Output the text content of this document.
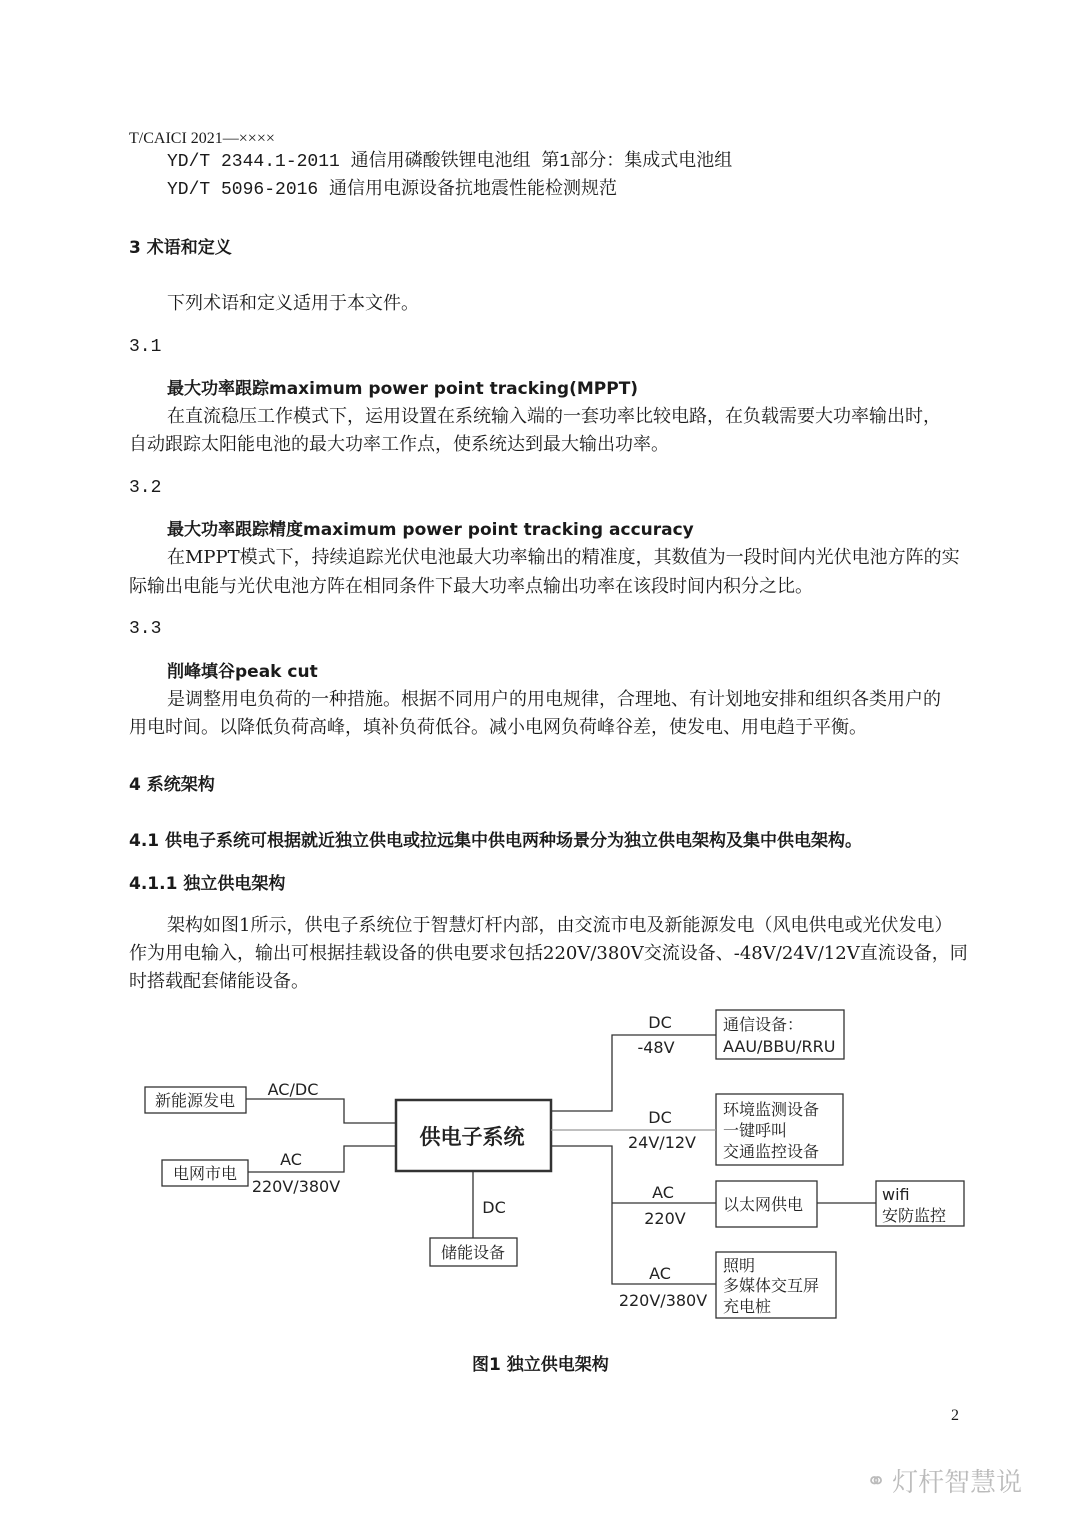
T/CAICI 2021—××××
YD/T 2344.1-2011 通信用磷酸铁锂电池组 第1部分：集成式电池组
YD/T 5096-2016 通信用电源设备抗地震性能检测规范
3 术语和定义
下列术语和定义适用于本文件。
3.1
最大功率跟踪maximum power point tracking(MPPT)
在直流稳压工作模式下，运用设置在系统输入端的一套功率比较电路，在负载需要大功率输出时，
自动跟踪太阳能电池的最大功率工作点，使系统达到最大输出功率。
3.2
最大功率跟踪精度maximum power point tracking accuracy
在MPPT模式下，持续追踪光伏电池最大功率输出的精准度，其数值为一段时间内光伏电池方阵的实
际输出电能与光伏电池方阵在相同条件下最大功率点输出功率在该段时间内积分之比。
3.3
削峰填谷peak cut
是调整用电负荷的一种措施。根据不同用户的用电规律，合理地、有计划地安排和组织各类用户的
用电时间。以降低负荷高峰，填补负荷低谷。减小电网负荷峰谷差，使发电、用电趋于平衡。
4 系统架构
4.1 供电子系统可根据就近独立供电或拉远集中供电两种场景分为独立供电架构及集中供电架构。
4.1.1 独立供电架构
架构如图1所示，供电子系统位于智慧灯杆内部，由交流市电及新能源发电（风电供电或光伏发电）
作为用电输入，输出可根据挂载设备的供电要求包括220V/380V交流设备、-48V/24V/12V直流设备，同
时搭载配套储能设备。
供电子系统
新能源发电
AC/DC
电网市电
AC
220V/380V
储能设备
DC
DC
-48V
通信设备：
AAU/BBU/RRU
DC
24V/12V
环境监测设备
一键呼叫
交通监控设备
AC
220V
以太网供电
wifi
安防监控
AC
220V/380V
照明
多媒体交互屏
充电桩
图1 独立供电架构
2
⚭ 灯杆智慧说
